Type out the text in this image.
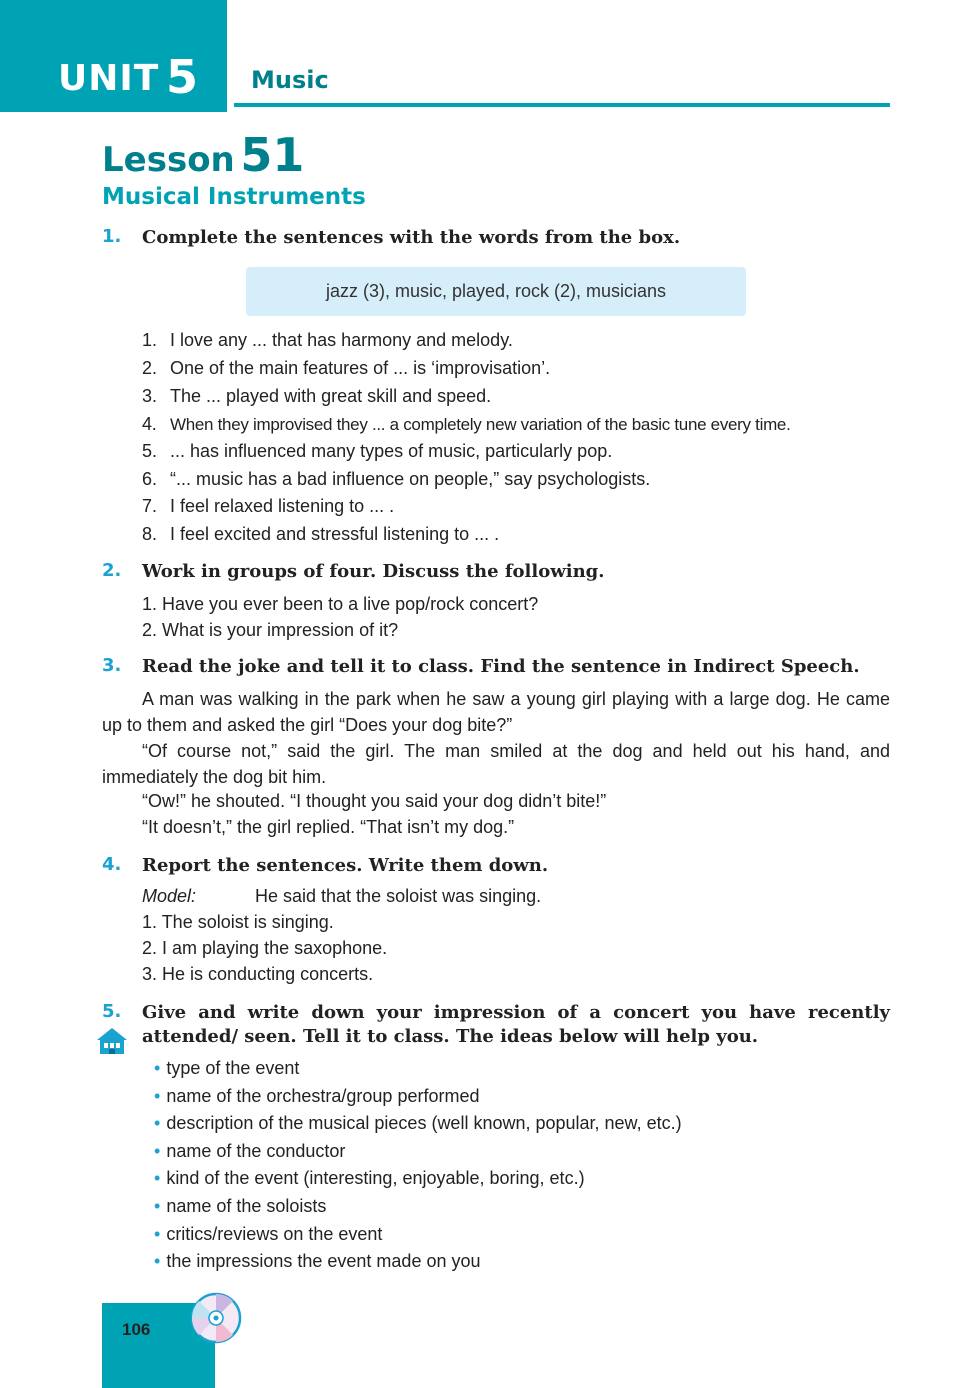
UNIT 5 Music
Lesson 51
Musical Instruments
1. Complete the sentences with the words from the box.
jazz (3), music, played, rock (2), musicians
1. I love any ... that has harmony and melody.
2. One of the main features of ... is ‘improvisation’.
3. The ... played with great skill and speed.
4. When they improvised they ... a completely new variation of the basic tune every time.
5. ... has influenced many types of music, particularly pop.
6. “... music has a bad influence on people,” say psychologists.
7. I feel relaxed listening to ... .
8. I feel excited and stressful listening to ... .
2. Work in groups of four. Discuss the following.
1. Have you ever been to a live pop/rock concert?
2. What is your impression of it?
3. Read the joke and tell it to class. Find the sentence in Indirect Speech.
A man was walking in the park when he saw a young girl playing with a large dog. He came up to them and asked the girl “Does your dog bite?”
“Of course not,” said the girl. The man smiled at the dog and held out his hand, and immediately the dog bit him.
“Ow!” he shouted. “I thought you said your dog didn’t bite!”
“It doesn’t,” the girl replied. “That isn’t my dog.”
4. Report the sentences. Write them down.
Model:	He said that the soloist was singing.
1. The soloist is singing.
2. I am playing the saxophone.
3. He is conducting concerts.
5. Give and write down your impression of a concert you have recently attended/ seen. Tell it to class. The ideas below will help you.
• type of the event
• name of the orchestra/group performed
• description of the musical pieces (well known, popular, new, etc.)
• name of the conductor
• kind of the event (interesting, enjoyable, boring, etc.)
• name of the soloists
• critics/reviews on the event
• the impressions the event made on you
106
